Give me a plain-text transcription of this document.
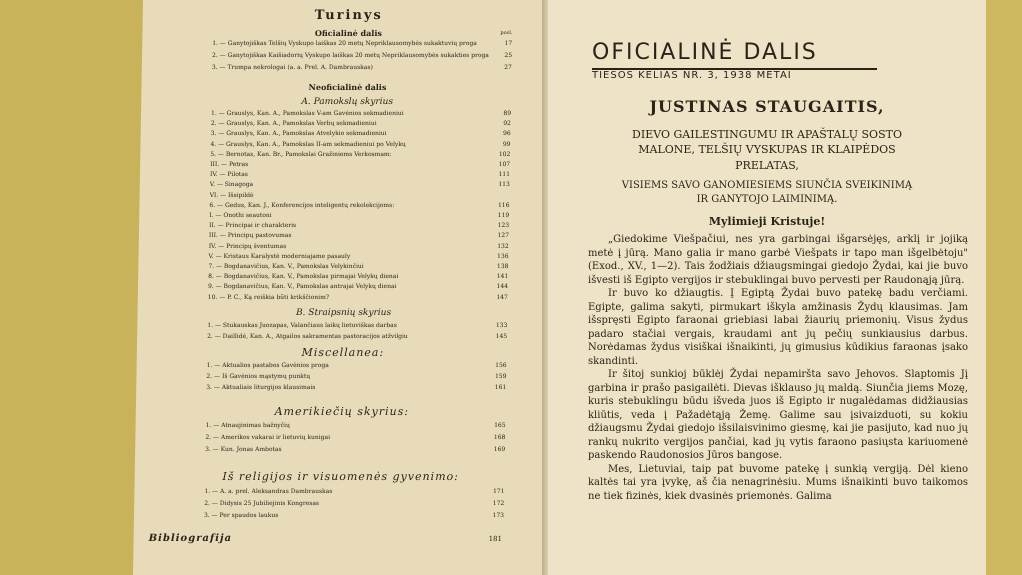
Turinys
Oficialinė dalis	posl.
1. — Ganytojiškas Telšių Vyskupo laiškas 20 metų Nepriklausomybės sukaktuvių proga	17
2. — Ganytojiškas Kaišiadorių Vyskupo laiškas 20 metų Nepriklausomybės sukakties proga	25
3. — Trumpa nekrologai (a. a. Prel. A. Dambrauskas)	27
Neoficialinė dalis
A. Pamokslų skyrius
1. — Grauslys, Kan. A., Pamokslas V-am Gavėnios sekmadieniui	89
2. — Grauslys, Kan. A., Pamokslas Verbų sekmadieniui	92
3. — Grauslys, Kan. A., Pamokslas Atvelykio sekmadieniui	96
4. — Grauslys, Kan. A., Pamokslas II-am sekmadieniui po Velykų	99
5. — Bernotas, Kan. Br., Pamokslai Gražiniems Verkosmam:	102
III. — Petras	107
IV. — Pilotas	111
V. — Sinagoga	113
VI. — Išsipildė
6. — Gedus, Kan. J., Konferencijos inteligentų rekolekcijoms:	116
I. — Onothi seautoni	119
II. — Principai ir charakteris	123
III. — Principų pastovumas	127
IV. — Principų šventumas	132
V. — Kristaus Karalystė moderniajame pasauly	136
7. — Bogdanavičius, Kan. V., Pamokslas Velykinčiui	138
8. — Bogdanavičius, Kan. V., Pamokslas pirmajai Velykų dienai	141
9. — Bogdanavičius, Kan. V., Pamokslas antrajai Velykų dienai	144
10. — P. C., Ką reiškia būti krikščionim?	147
B. Straipsnių skyrius
1. — Stukauskas Juozapas, Valančiaus laikų lietuviškas darbas	133
2. — Daillidė, Kan. A., Atgailos sakramentas pastoracijos atžvilgiu	145
Miscellanea:
1. — Aktualios pastabos Gavėnios proga	156
2. — Iš Gavėnios mąstymų punktų	159
3. — Aktualiais liturgijos klausimais	161
Amerikiečių skyrius:
1. — Atnaujinimas bažnyčių	165
2. — Amerikos vakarai ir lietuvių kunigai	168
3. — Kun. Jonas Ambotas	169
Iš religijos ir visuomenės gyvenimo:
1. — A. a. prel. Aleksandras Dambrauskas	171
2. — Didysis 25 Jubiliejinis Kongresas	172
3. — Per spaudos laukus	173
Bibliografija	181
OFICIALINĖ DALIS
TIESOS KELIAS NR. 3, 1938 METAI
JUSTINAS STAUGAITIS,
DIEVO GAILESTINGUMU IR APAŠTALŲ SOSTO
MALONE, TELŠIŲ VYSKUPAS IR KLAIPĖDOS
PRELATAS,
VISIEMS SAVO GANOMIESIEMS SIUNČIA SVEIKINIMĄ
IR GANYTOJO LAIMINIMĄ.
Mylimieji Kristuje!

„Giedokime Viešpačiui, nes yra garbingai išgarsėjęs, arklį ir jojiką metė į jūrą. Mano galia ir mano garbė Viešpats ir tapo man išgelbėtoju" (Exod., XV., 1—2). Tais žodžiais džiaugsmingai giedojo Žydai, kai jie buvo išvesti iš Egipto vergijos ir stebuklingai buvo pervesti per Raudonąją jūrą.

Ir buvo ko džiaugtis. Į Egiptą Žydai buvo patekę badu verčiami. Egipte, galima sakyti, pirmukart iškyla amžinasis Žydų klausimas. Jam išspręsti Egipto faraonai griebiasi labai žiaurių priemonių. Visus žydus padaro stačiai vergais, kraudami ant jų pečių sunkiausius darbus. Norėdamas žydus visiškai išnaikinti, jų gimusius kūdikius faraonas įsako skandinti.

Ir šitoj sunkioj būklėj Žydai nepamiršta savo Jehovos. Slaptomis Jį garbina ir prašo pasigailėti. Dievas išklauso jų maldą. Siunčia jiems Mozę, kuris stebuklingu būdu išveda juos iš Egipto ir nugalėdamas didžiausias kliūtis, veda į Pažadėtąją Žemę. Galime sau įsivaizduoti, su kokiu džiaugsmu Žydai giedojo išsilaisvinimo giesmę, kai jie pasijuto, kad nuo jų rankų nukrito vergijos pančiai, kad jų vytis faraono pasiųsta kariuomenė paskendo Raudonosios Jūros bangose.

Mes, Lietuviai, taip pat buvome patekę į sunkią vergiją. Dėl kieno kaltės tai yra įvykę, aš čia nenagrinėsiu. Mums išnaikinti buvo taikomos ne tiek fizinės, kiek dvasinės priemonės. Galima
